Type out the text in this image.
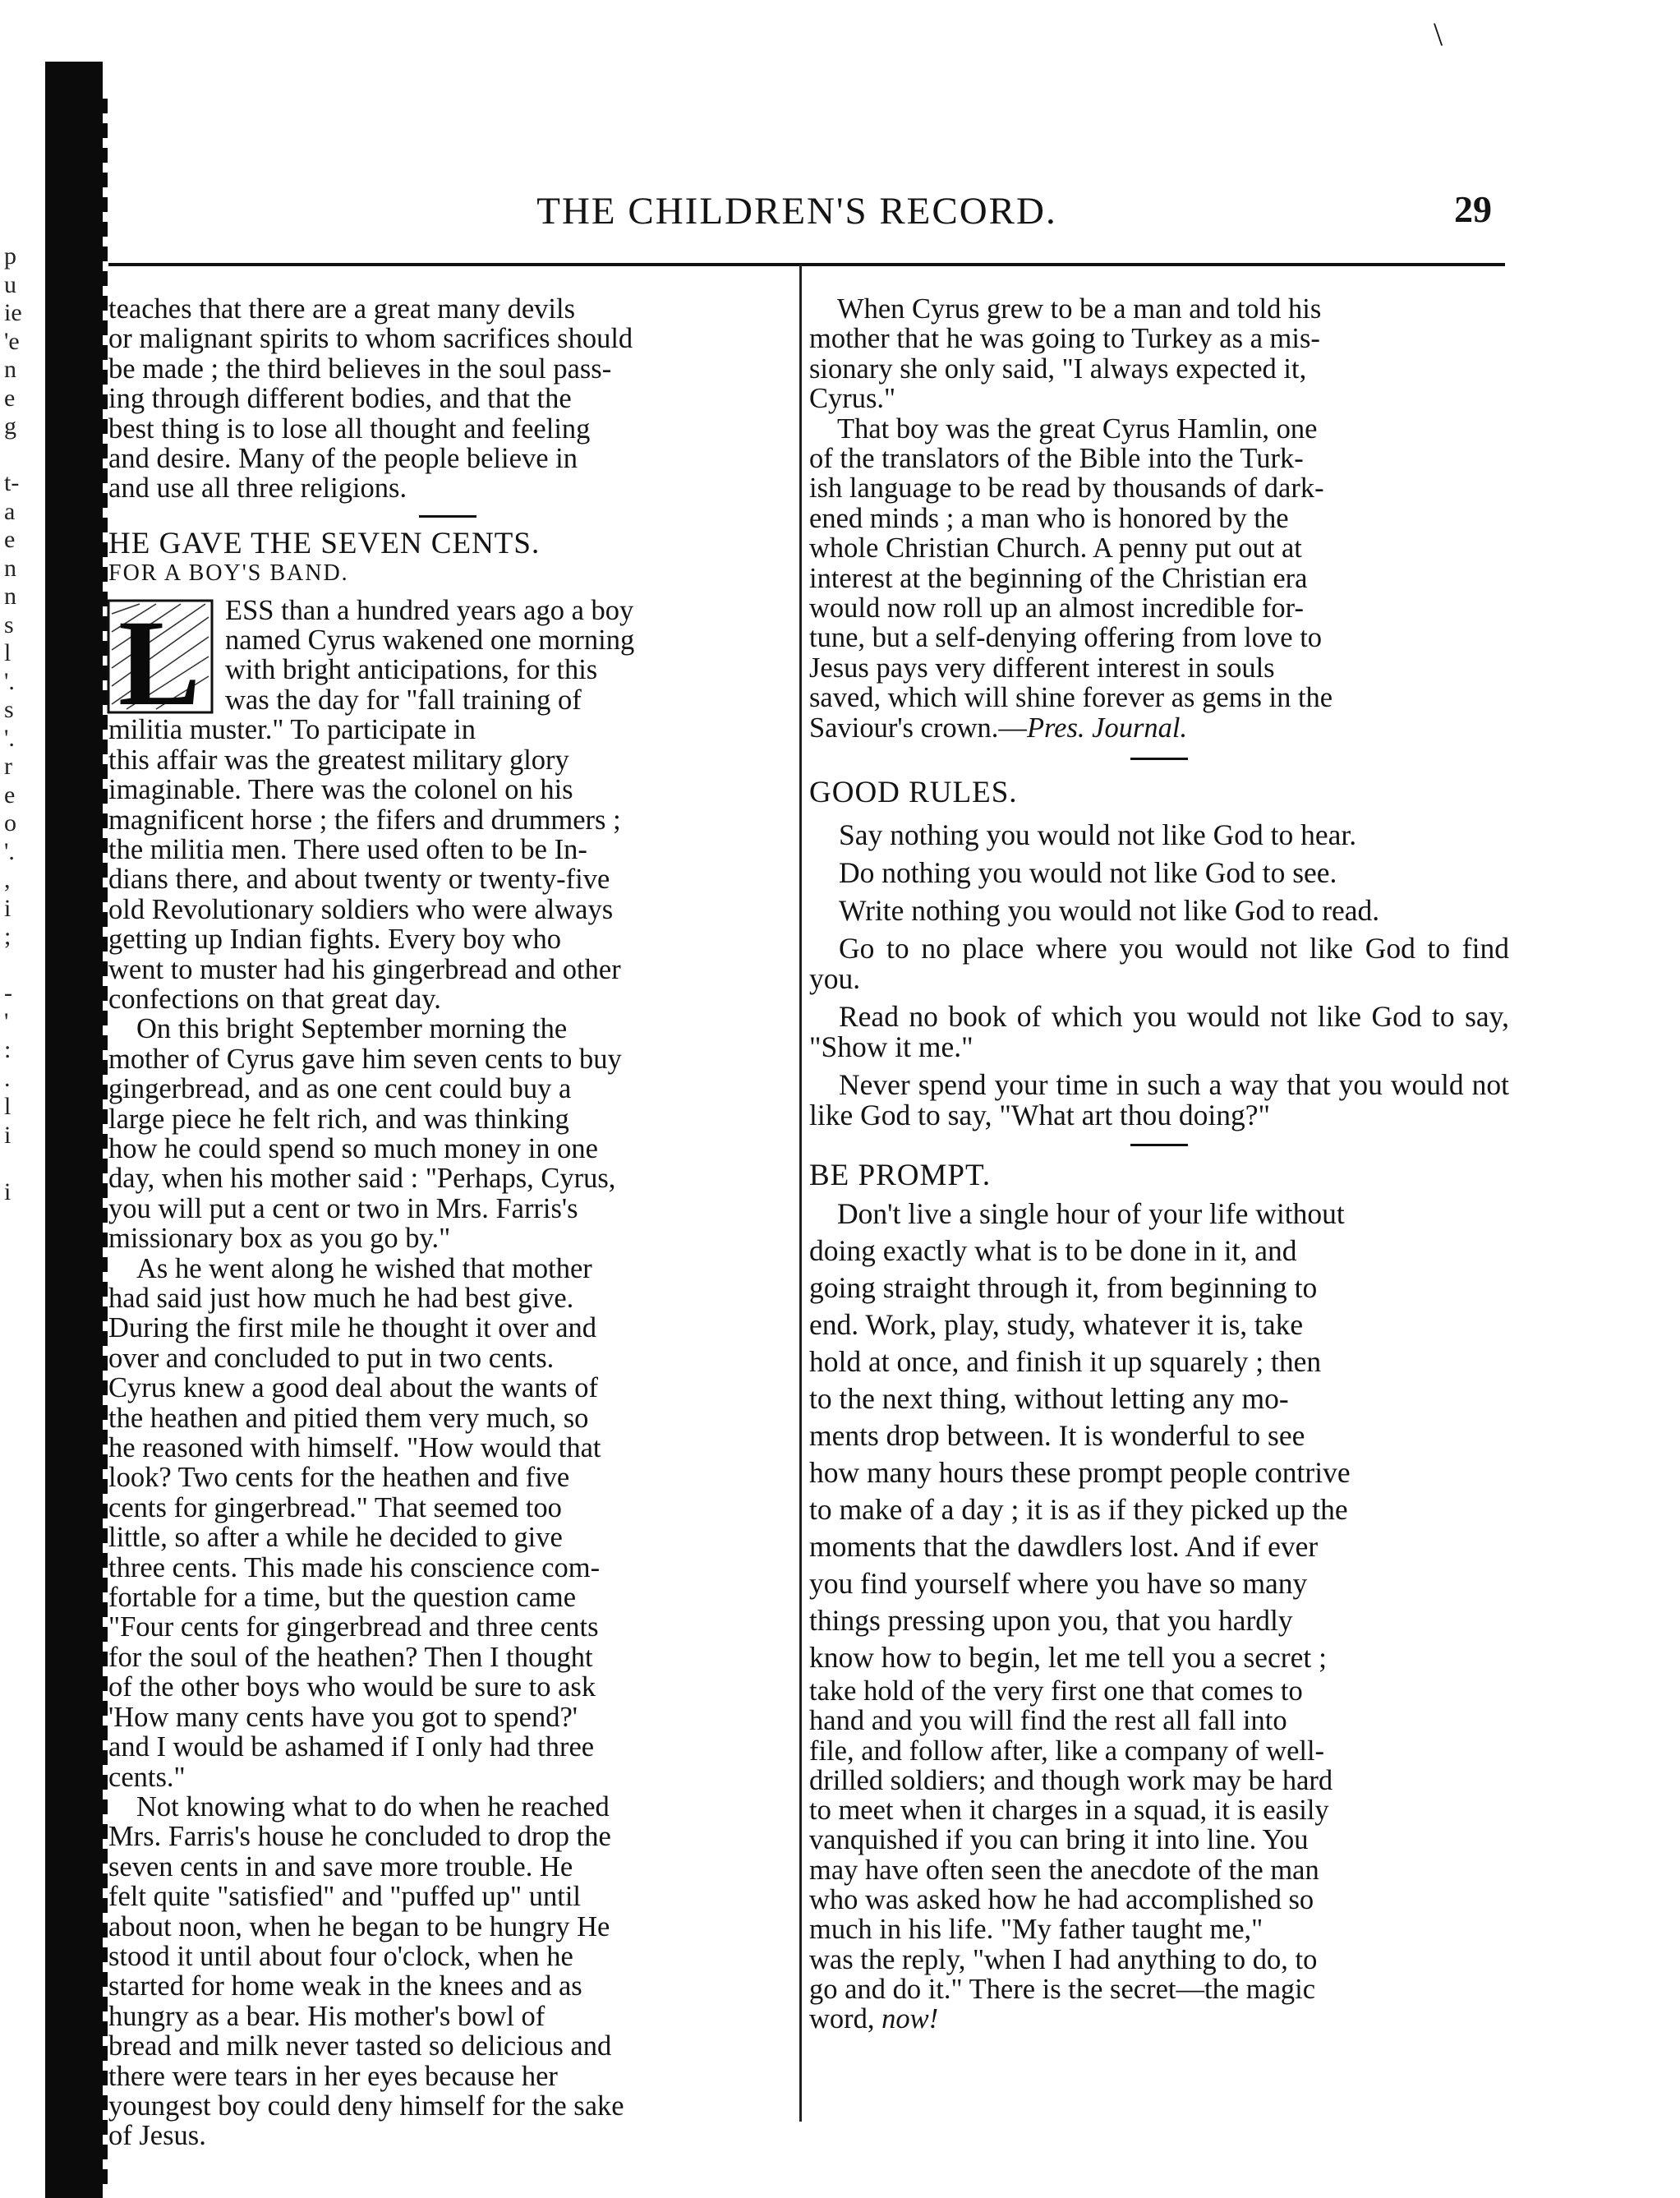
p
u
ie
'e
n
e
g
t-
a
e
n
n
s
l
'.
s
'.
r
e
o
'.
,
i
;
-
'
:
.
l
i
i
\
THE CHILDREN'S RECORD.	29

teaches that there are a great many devils
or malignant spirits to whom sacrifices should
be made ; the third believes in the soul pass-
ing through different bodies, and that the
best thing is to lose all thought and feeling
and desire. Many of the people believe in
and use all three religions.

HE GAVE THE SEVEN CENTS.

FOR A BOY'S BAND.

L ESS than a hundred years ago a boy
named Cyrus wakened one morning
with bright anticipations, for this
was the day for "fall training of
militia muster." To participate in
this affair was the greatest military glory
imaginable. There was the colonel on his
magnificent horse ; the fifers and drummers ;
the militia men. There used often to be In-
dians there, and about twenty or twenty-five
old Revolutionary soldiers who were always
getting up Indian fights. Every boy who
went to muster had his gingerbread and other
confections on that great day.

On this bright September morning the
mother of Cyrus gave him seven cents to buy
gingerbread, and as one cent could buy a
large piece he felt rich, and was thinking
how he could spend so much money in one
day, when his mother said : "Perhaps, Cyrus,
you will put a cent or two in Mrs. Farris's
missionary box as you go by."

As he went along he wished that mother
had said just how much he had best give.
During the first mile he thought it over and
over and concluded to put in two cents.
Cyrus knew a good deal about the wants of
the heathen and pitied them very much, so
he reasoned with himself. "How would that
look? Two cents for the heathen and five
cents for gingerbread." That seemed too
little, so after a while he decided to give
three cents. This made his conscience com-
fortable for a time, but the question came
"Four cents for gingerbread and three cents
for the soul of the heathen? Then I thought
of the other boys who would be sure to ask
'How many cents have you got to spend?'
and I would be ashamed if I only had three
cents."

Not knowing what to do when he reached
Mrs. Farris's house he concluded to drop the
seven cents in and save more trouble. He
felt quite "satisfied" and "puffed up" until
about noon, when he began to be hungry He
stood it until about four o'clock, when he
started for home weak in the knees and as
hungry as a bear. His mother's bowl of
bread and milk never tasted so delicious and
there were tears in her eyes because her
youngest boy could deny himself for the sake
of Jesus.

When Cyrus grew to be a man and told his
mother that he was going to Turkey as a mis-
sionary she only said, "I always expected it,
Cyrus."

That boy was the great Cyrus Hamlin, one
of the translators of the Bible into the Turk-
ish language to be read by thousands of dark-
ened minds ; a man who is honored by the
whole Christian Church. A penny put out at
interest at the beginning of the Christian era
would now roll up an almost incredible for-
tune, but a self-denying offering from love to
Jesus pays very different interest in souls
saved, which will shine forever as gems in the

Saviour's crown.—Pres. Journal.

GOOD RULES.

Say nothing you would not like God to hear.

Do nothing you would not like God to see.

Write nothing you would not like God to read.

Go to no place where you would not like God to find you.

Read no book of which you would not like God to say, "Show it me."

Never spend your time in such a way that you would not like God to say, "What art thou doing?"

BE PROMPT.

Don't live a single hour of your life without
doing exactly what is to be done in it, and
going straight through it, from beginning to
end. Work, play, study, whatever it is, take
hold at once, and finish it up squarely ; then
to the next thing, without letting any mo-
ments drop between. It is wonderful to see
how many hours these prompt people contrive
to make of a day ; it is as if they picked up the
moments that the dawdlers lost. And if ever
you find yourself where you have so many
things pressing upon you, that you hardly
know how to begin, let me tell you a secret ;

take hold of the very first one that comes to
hand and you will find the rest all fall into
file, and follow after, like a company of well-
drilled soldiers; and though work may be hard
to meet when it charges in a squad, it is easily
vanquished if you can bring it into line. You
may have often seen the anecdote of the man
who was asked how he had accomplished so
much in his life. "My father taught me,"
was the reply, "when I had anything to do, to
go and do it." There is the secret—the magic

word, now!
